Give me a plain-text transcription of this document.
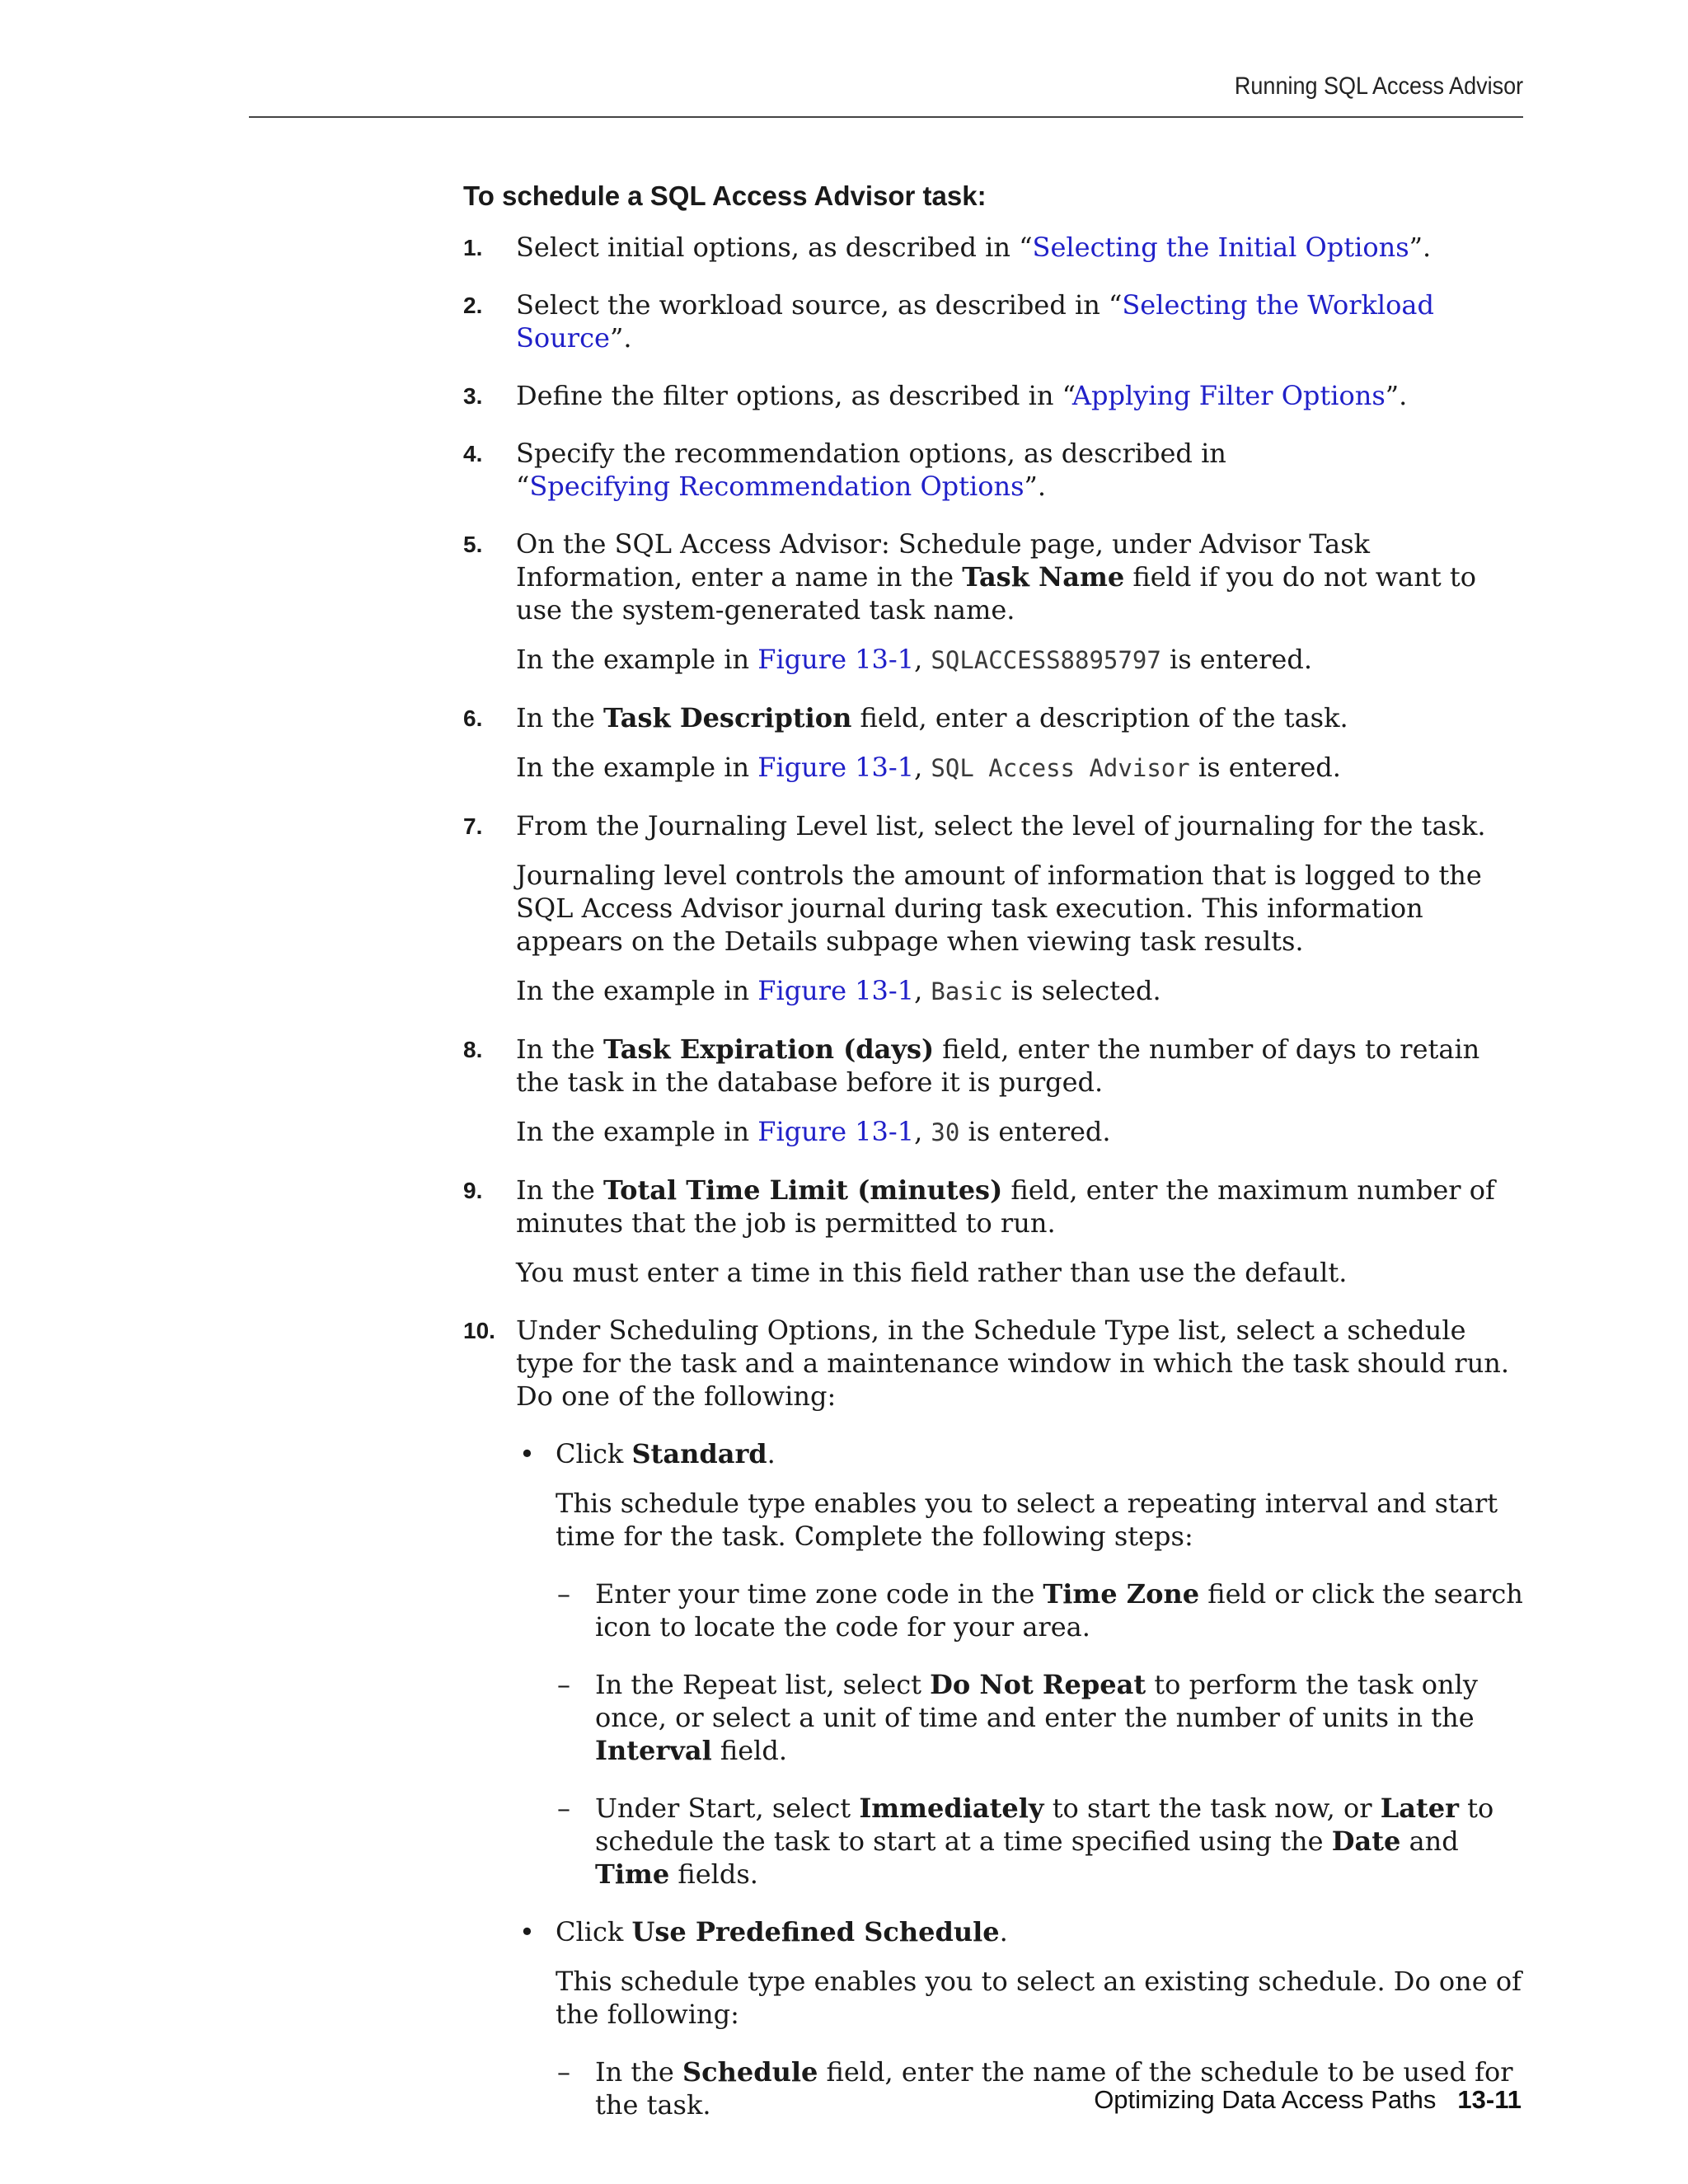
Running SQL Access Advisor
To schedule a SQL Access Advisor task:
1. Select initial options, as described in “Selecting the Initial Options”.

2. Select the workload source, as described in “Selecting the Workload Source”.

3. Define the filter options, as described in “Applying Filter Options”.

4. Specify the recommendation options, as described in “Specifying Recommendation Options”.

5. On the SQL Access Advisor: Schedule page, under Advisor Task Information, enter a name in the Task Name field if you do not want to use the system-generated task name.

In the example in Figure 13-1, SQLACCESS8895797 is entered.

6. In the Task Description field, enter a description of the task.

In the example in Figure 13-1, SQL Access Advisor is entered.

7. From the Journaling Level list, select the level of journaling for the task.

Journaling level controls the amount of information that is logged to the SQL Access Advisor journal during task execution. This information appears on the Details subpage when viewing task results.

In the example in Figure 13-1, Basic is selected.

8. In the Task Expiration (days) field, enter the number of days to retain the task in the database before it is purged.

In the example in Figure 13-1, 30 is entered.

9. In the Total Time Limit (minutes) field, enter the maximum number of minutes that the job is permitted to run.

You must enter a time in this field rather than use the default.

10. Under Scheduling Options, in the Schedule Type list, select a schedule type for the task and a maintenance window in which the task should run. Do one of the following:

• Click Standard.

This schedule type enables you to select a repeating interval and start time for the task. Complete the following steps:

– Enter your time zone code in the Time Zone field or click the search icon to locate the code for your area.

– In the Repeat list, select Do Not Repeat to perform the task only once, or select a unit of time and enter the number of units in the Interval field.

– Under Start, select Immediately to start the task now, or Later to schedule the task to start at a time specified using the Date and Time fields.

• Click Use Predefined Schedule.

This schedule type enables you to select an existing schedule. Do one of the following:

– In the Schedule field, enter the name of the schedule to be used for the task.	Optimizing Data Access Paths 13-11
